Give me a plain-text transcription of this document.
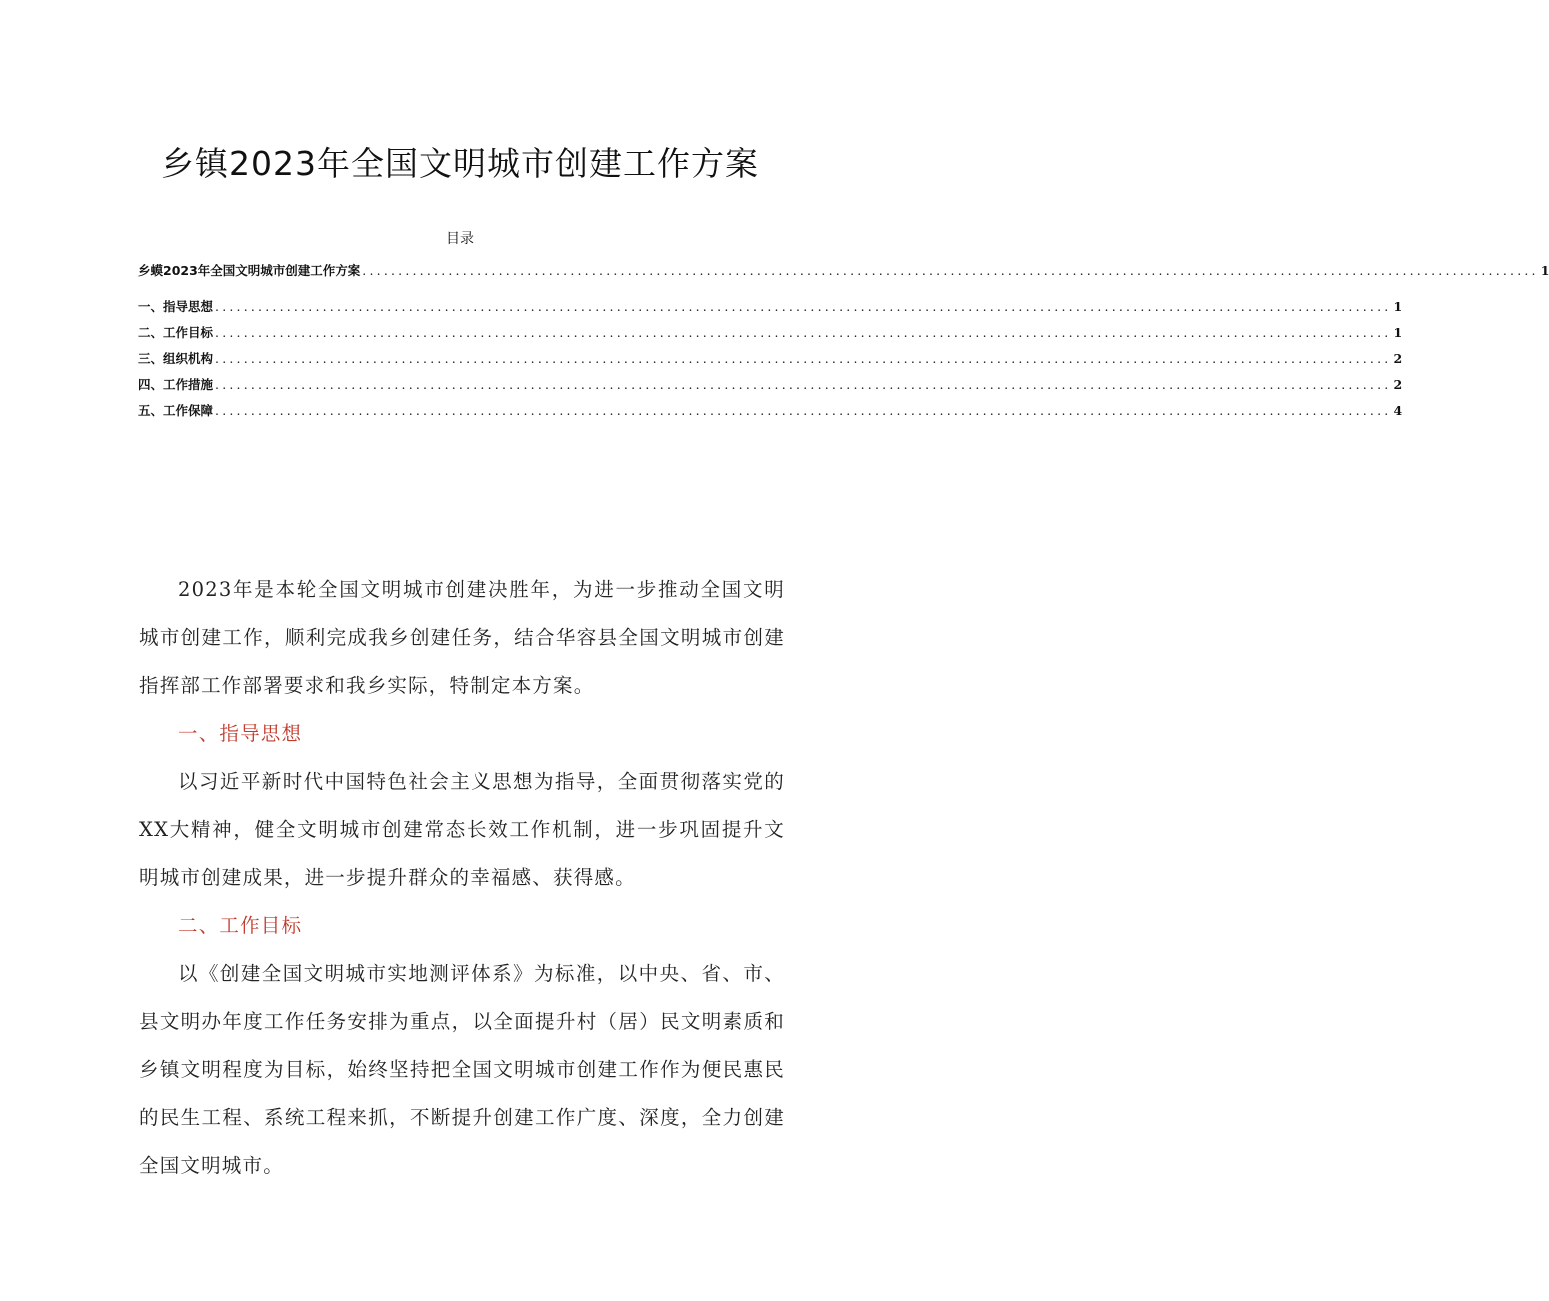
乡镇2023年全国文明城市创建工作方案
目录
乡蟆2023年全国文明城市创建工作方案 .................................................................................................................................................................... 1
一、指导思想 .................................................................................................................................................................... 1
二、工作目标 .................................................................................................................................................................... 1
三、组织机构 .................................................................................................................................................................... 2
四、工作措施 .................................................................................................................................................................... 2
五、工作保障 .................................................................................................................................................................... 4

2023年是本轮全国文明城市创建决胜年，为进一步推动全国文明城市创建工作，顺利完成我乡创建任务，结合华容县全国文明城市创建指挥部工作部署要求和我乡实际，特制定本方案。

一、指导思想

以习近平新时代中国特色社会主义思想为指导，全面贯彻落实党的XX大精神，健全文明城市创建常态长效工作机制，进一步巩固提升文明城市创建成果，进一步提升群众的幸福感、获得感。

二、工作目标

以《创建全国文明城市实地测评体系》为标准，以中央、省、市、县文明办年度工作任务安排为重点，以全面提升村（居）民文明素质和乡镇文明程度为目标，始终坚持把全国文明城市创建工作作为便民惠民的民生工程、系统工程来抓，不断提升创建工作广度、深度，全力创建全国文明城市。
